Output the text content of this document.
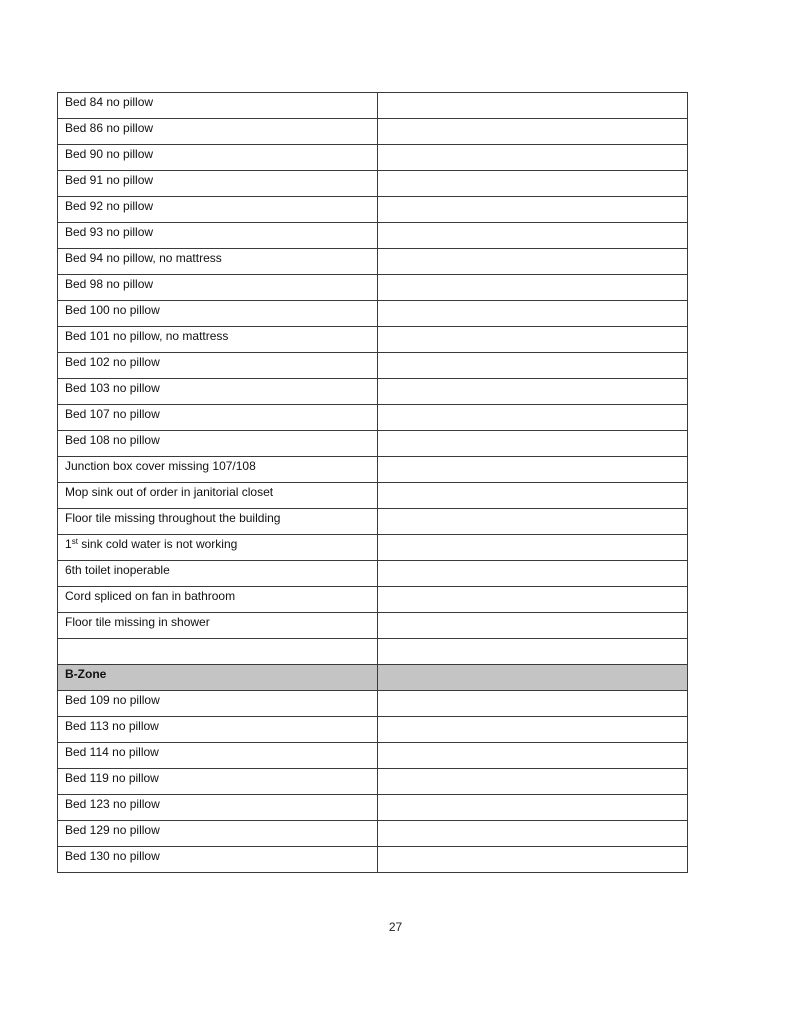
Bed 84 no pillow	
Bed 86 no pillow	
Bed 90 no pillow	
Bed 91 no pillow	
Bed 92 no pillow	
Bed 93 no pillow	
Bed 94 no pillow, no mattress	
Bed 98 no pillow	
Bed 100 no pillow	
Bed 101 no pillow, no mattress	
Bed 102 no pillow	
Bed 103 no pillow	
Bed 107 no pillow	
Bed 108 no pillow	
Junction box cover missing 107/108	
Mop sink out of order in janitorial closet	
Floor tile missing throughout the building	
1st sink cold water is not working	
6th toilet inoperable	
Cord spliced on fan in bathroom	
Floor tile missing in shower	

B-Zone	
Bed 109 no pillow	
Bed 113 no pillow	
Bed 114 no pillow	
Bed 119 no pillow	
Bed 123 no pillow	
Bed 129 no pillow	
Bed 130 no pillow	
27
